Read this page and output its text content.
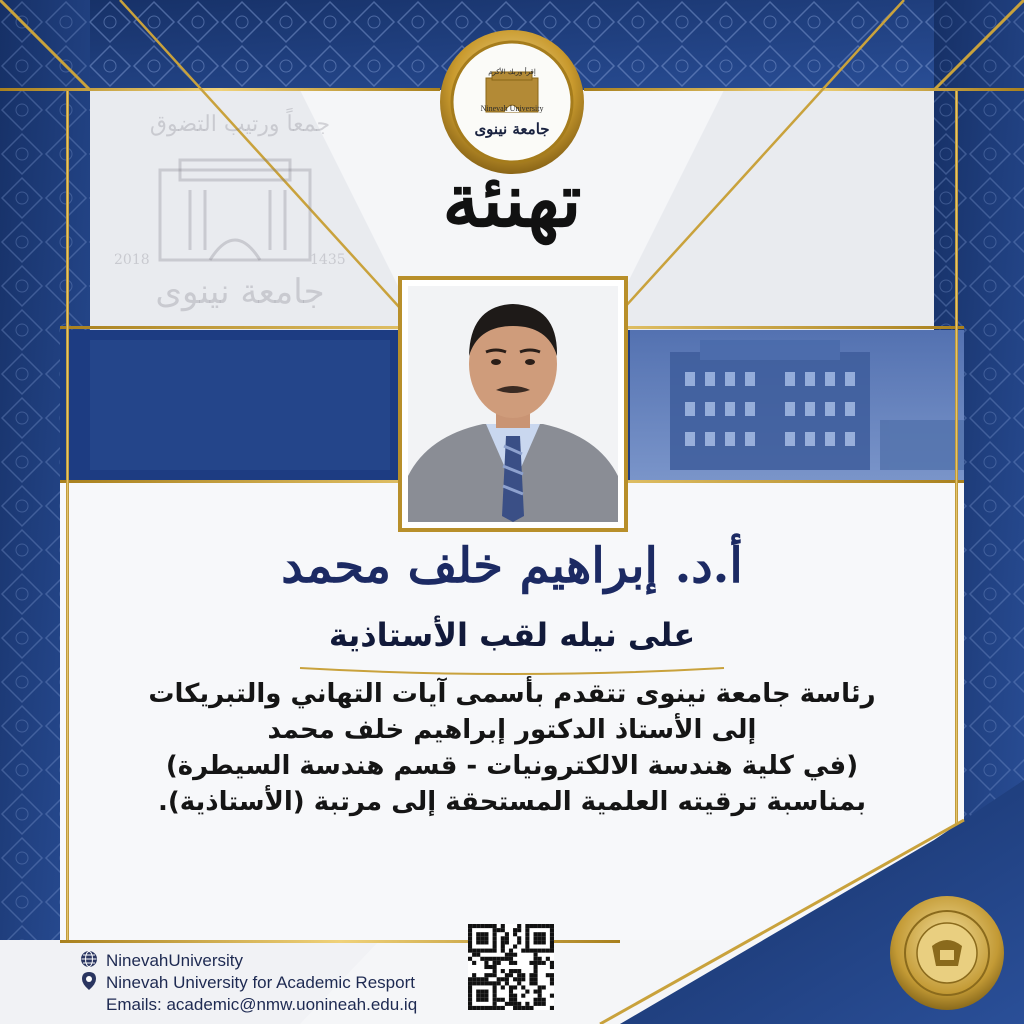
جمعاً ورتيب التضوق
2018	1435
جامعة نينوى
إقرأ وربك الأكرم
Ninevah University
جامعة نينوى
تهنئة
أ.د. إبراهيم خلف محمد
على نيله لقب الأستاذية
رئاسة جامعة نينوى تتقدم بأسمى آيات التهاني والتبريكات
إلى الأستاذ الدكتور إبراهيم خلف محمد
(في كلية هندسة الالكترونيات - قسم هندسة السيطرة)
بمناسبة ترقيته العلمية المستحقة إلى مرتبة (الأستاذية).
NinevahUniversity
Ninevah University for Academic Resport
Emails: academic@nmw.uonineah.edu.iq
